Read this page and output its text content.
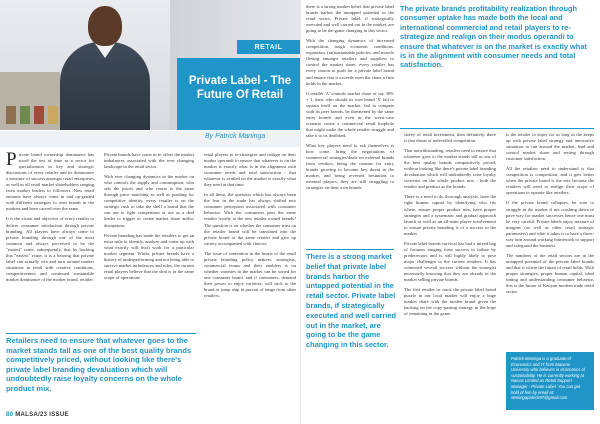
RETAIL
Private Label - The Future Of Retail
By Patrick Maninga

Private brand ownership dominance has stood the test of time as a sector for specialization in key and strategic discussions of every retailer and its dominance a measure of success amongst retail enterprises as well as all retail market shareholders ranging from market leaders to followers. New retail entrants have always come in and up-graded with different strategies to own brands in the markets and have carved over the same.

It is the vision and objective of every retailer to deliver consumer satisfaction through private branding. All players have always come to private branding through one of the most common and always perceived to be the "easiest" route, subsequently, that by backing this "easiest" route, it is a bearing that private label can actually win and turn around market situations in retail with creative conditions, competitiveness and continued sustainable market dominance of the mother brand, retailer.

Private brands have come in to offset the market imbalances associated with the ever changing landscape in the retail sector.

With ever changing dynamics in the market on who controls the supply and consumption, who sets the prices and who reacts to the same through price matching as well as pushing for competitive identity, every retailer is on the strategic rush to take the shelf a brand that the can use to fight competition or use as a deal leader to trigger or create market share and/or disruptions.

Private branding has made the retailers to get an extra mile to identify, analyze and come up with what exactly will (not) work for a particular market segment. Whilst private brands have a history of underperforming and not being able to survive market turbulences and rules, the current retail players believe that the deal is in the same scope of operations.

retail players to re-strategize and realign on their modus operandi to ensure that whatever is on the market is exactly what is in the alignment with consumer needs and total satisfaction - that whatever is availed on the market is exactly what they need at that time.

In all these, the question which has always been the fear in the trade has always shifted into consumer perception associated with consumer behavior. With the consumers pass the same retailer loyalty to the new retailer owned brands? The question is on whether the consumer trust on the retailer brand will be translated into the private brand of the same retailer and give up variety accompanied with choices.

The issue of contention in the hearts of the retail private branding policy makers, strategists, commercial teams and their enablers is on whether varieties in the market can be sorted for one consumer brand, and if consumers, demand their power to enjoy varieties, will stick to the brand or jump ship in pursuit of range from other retailers.

Retailers need to ensure that whatever goes to the market stands tall as one of the best quality brands competitively priced, without looking like there's private label branding devaluation which will undoubtedly raise loyalty concerns on the whole product mix.

there is a strong market belief that private label brands harbor the untapped potential in the retail sector. Private label, if strategically executed and well carried out in the market, are going to be the game changing in this sector.

With the changing dynamics of increased competition, tough economic conditions, expansion, (un)sustainable policies, and muscle flexing amongst retailers and suppliers to control the market share, every retailer has every reason to push for a private label brand and ensure that it exceeds even the share a firm holds in the market.

If retailer 'A' controls market share of say 30% + 1, then, who should its own brand 'X' fail to sustain itself on the market, fail to compete with its peer brands, be threatened by the same entry brands and even in the worst-case scenario create a commercial retail loophole that might make the whole retailer struggle and take it to its deathbed.

What key players need to ask themselves is how come, bring the negotiations of commercial strategies/deals on external brands from vendors, being the reasons for entry brands growing to become key threat in the market, and being reversed hesitation to external players, they are still struggling to strategize on their own brands.

There is a strong market belief that private label brands harbor the untapped potential in the retail sector. Private label brands, if strategically executed and well carried out in the market, are going to be the game changing in this sector.
The private brands profitability realization through consumer uptake has made both the local and international commercial and retail players to re-strategize and realign on their modus operandi to ensure that whatever is on the market is exactly what is in the alignment with consumer needs and total satisfaction.

storey of retail investment, then definitely, there is that threat of unlevelled competition.

That notwithstanding, retailers need to ensure that whatever goes to the market stands tall as one of the best quality brands competitively priced, without looking like there's private label branding devaluation which will undoubtedly raise loyalty concerns on the whole product mix - both the retailer and product as the brands.

There is a need to do thorough analysis, have the right human capital by identifying who fits where, ensure proper product mix, have proper strategies and a systematic and gradual approach launch as well as an all-team player involvement to ensure private branding is of a success in the market.

Private label brands survival has had a mixed bag of fortunes ranging from success to failure by predecessors and is still highly likely to pose major challenges to the current retailers. It has witnessed several success without the strategist necessarily knowing that they are already in the market selling private brands.

The first retailer to crack the private label brand puzzle in our local market will enjoy a huge market share with the mother brand given the backing on the copy-pasting strategy in the hope of remaining in the game.

is the retailer to enjoy for as long as the keeps up with private label strategy and innovative situations to run around the market, lead and control market share and setting through customer satisfaction.

All the retailers need to understand is that competition is competition, and it gets better when the private brand is the mix because the retailers will need to realign their scope of operations to operate like retailers.

If the private brand collapses, be sure to struggle in the market if not crashing down to pave way for market successes hence one must be very careful. Private labels enjoy mixture of margins (as well as other retail strategic parameters) and what it takes is to have a three-way turn around working framework to support and safeguard the business.

The numbers of the retail sectors are in the untapped potential of the private label brands and that is where the future of retail holds. With proper strategies, proper human capital, ideal timing and understanding consumer behavior, this is the future of Kenyan modern trade retail sector.

Patrick Maninga is a graduate of Economics and IT from Maseno University who believes in economics of sustainability. He is currently working at Naivas Limited as Retail Support Manager - Private Label. You can get hold of him by email at: Maningapatrick97@gmail.com
80 MALSA/23 ISSUE
